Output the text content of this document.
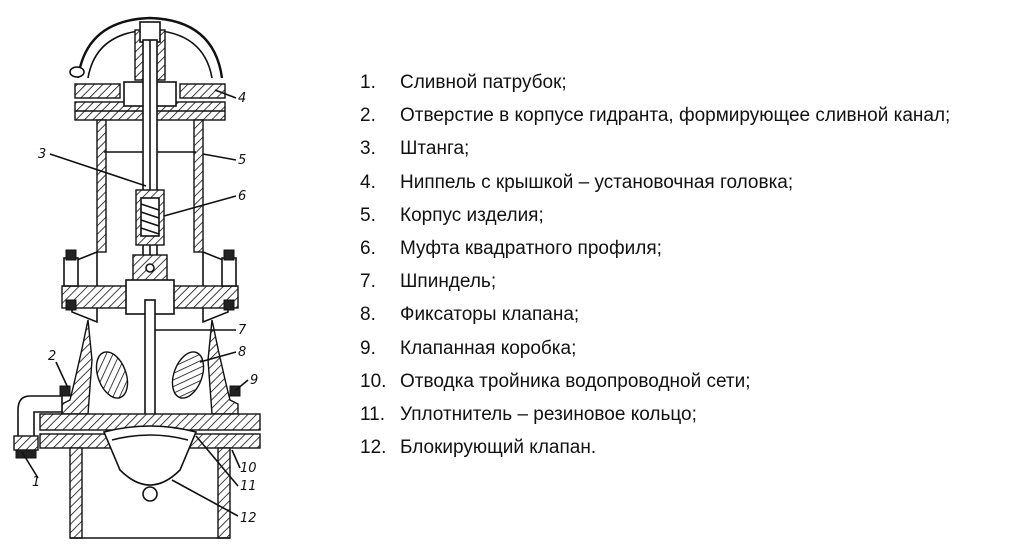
1
2
3
4
5
6
7
8
9
10
11
12
1.	Сливной патрубок;
2.	Отверстие в корпусе гидранта, формирующее сливной канал;
3.	Штанга;
4.	Ниппель с крышкой – установочная головка;
5.	Корпус изделия;
6.	Муфта квадратного профиля;
7.	Шпиндель;
8.	Фиксаторы клапана;
9.	Клапанная коробка;
10. Отводка тройника водопроводной сети;
11. Уплотнитель – резиновое кольцо;
12. Блокирующий клапан.
